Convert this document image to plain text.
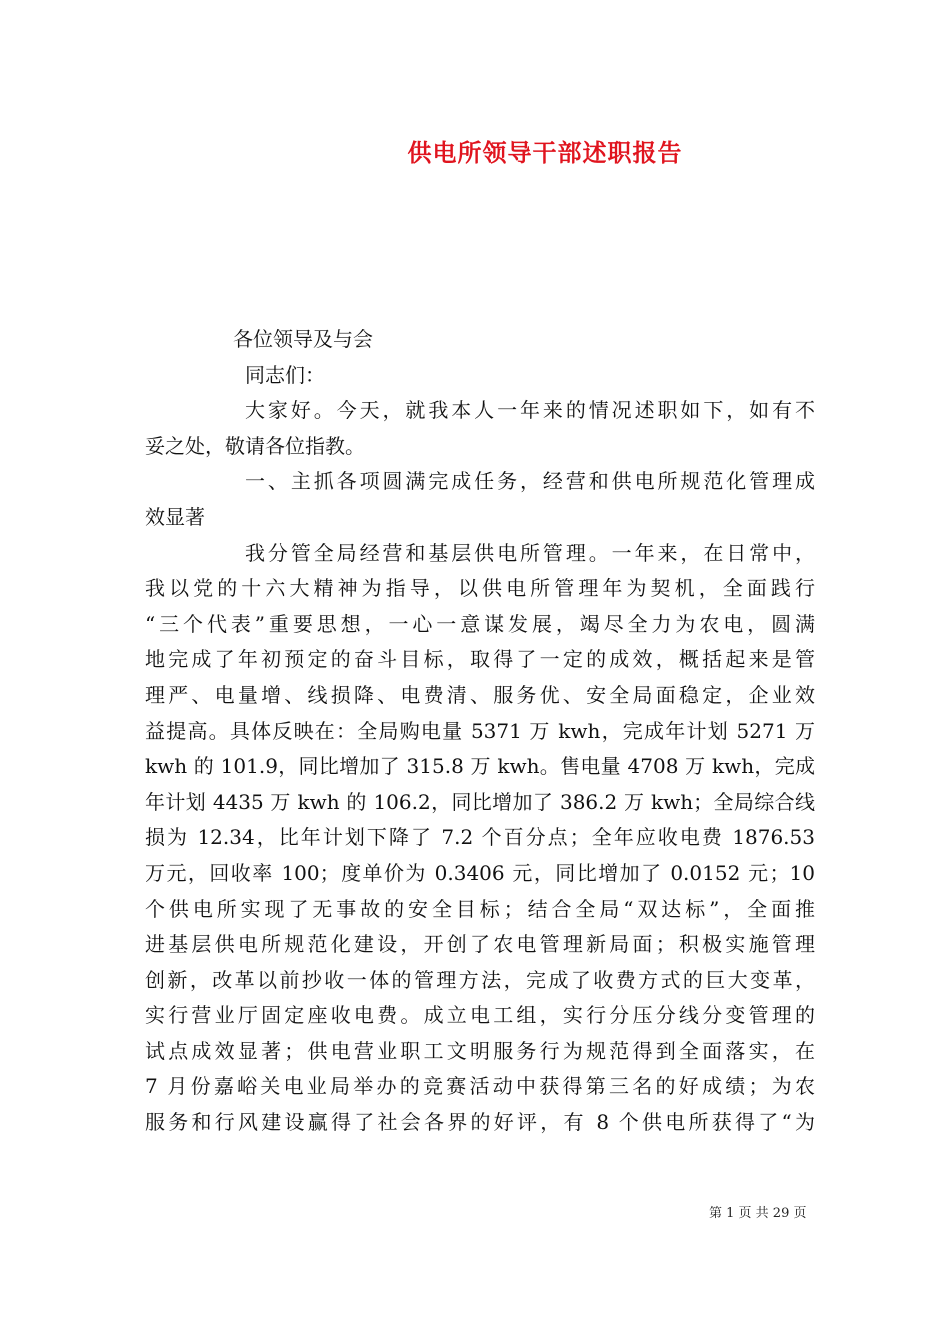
供电所领导干部述职报告
各位领导及与会
同志们：
大家好。今天，就我本人一年来的情况述职如下，如有不
妥之处，敬请各位指教。
一、主抓各项圆满完成任务，经营和供电所规范化管理成
效显著
我分管全局经营和基层供电所管理。一年来，在日常中，
我以党的十六大精神为指导，以供电所管理年为契机，全面践行
“三个代表”重要思想，一心一意谋发展，竭尽全力为农电，圆满
地完成了年初预定的奋斗目标，取得了一定的成效，概括起来是管
理严、电量增、线损降、电费清、服务优、安全局面稳定，企业效
益提高。具体反映在：全局购电量 5371 万 kwh，完成年计划 5271 万
kwh 的 101.9，同比增加了 315.8 万 kwh。售电量 4708 万 kwh，完成
年计划 4435 万 kwh 的 106.2，同比增加了 386.2 万 kwh；全局综合线
损为 12.34，比年计划下降了 7.2 个百分点；全年应收电费 1876.53
万元，回收率 100；度单价为 0.3406 元，同比增加了 0.0152 元；10
个供电所实现了无事故的安全目标；结合全局“双达标”，全面推
进基层供电所规范化建设，开创了农电管理新局面；积极实施管理
创新，改革以前抄收一体的管理方法，完成了收费方式的巨大变革，
实行营业厅固定座收电费。成立电工组，实行分压分线分变管理的
试点成效显著；供电营业职工文明服务行为规范得到全面落实，在
7 月份嘉峪关电业局举办的竞赛活动中获得第三名的好成绩；为农
服务和行风建设赢得了社会各界的好评，有 8 个供电所获得了“为
第 1 页 共 29 页
